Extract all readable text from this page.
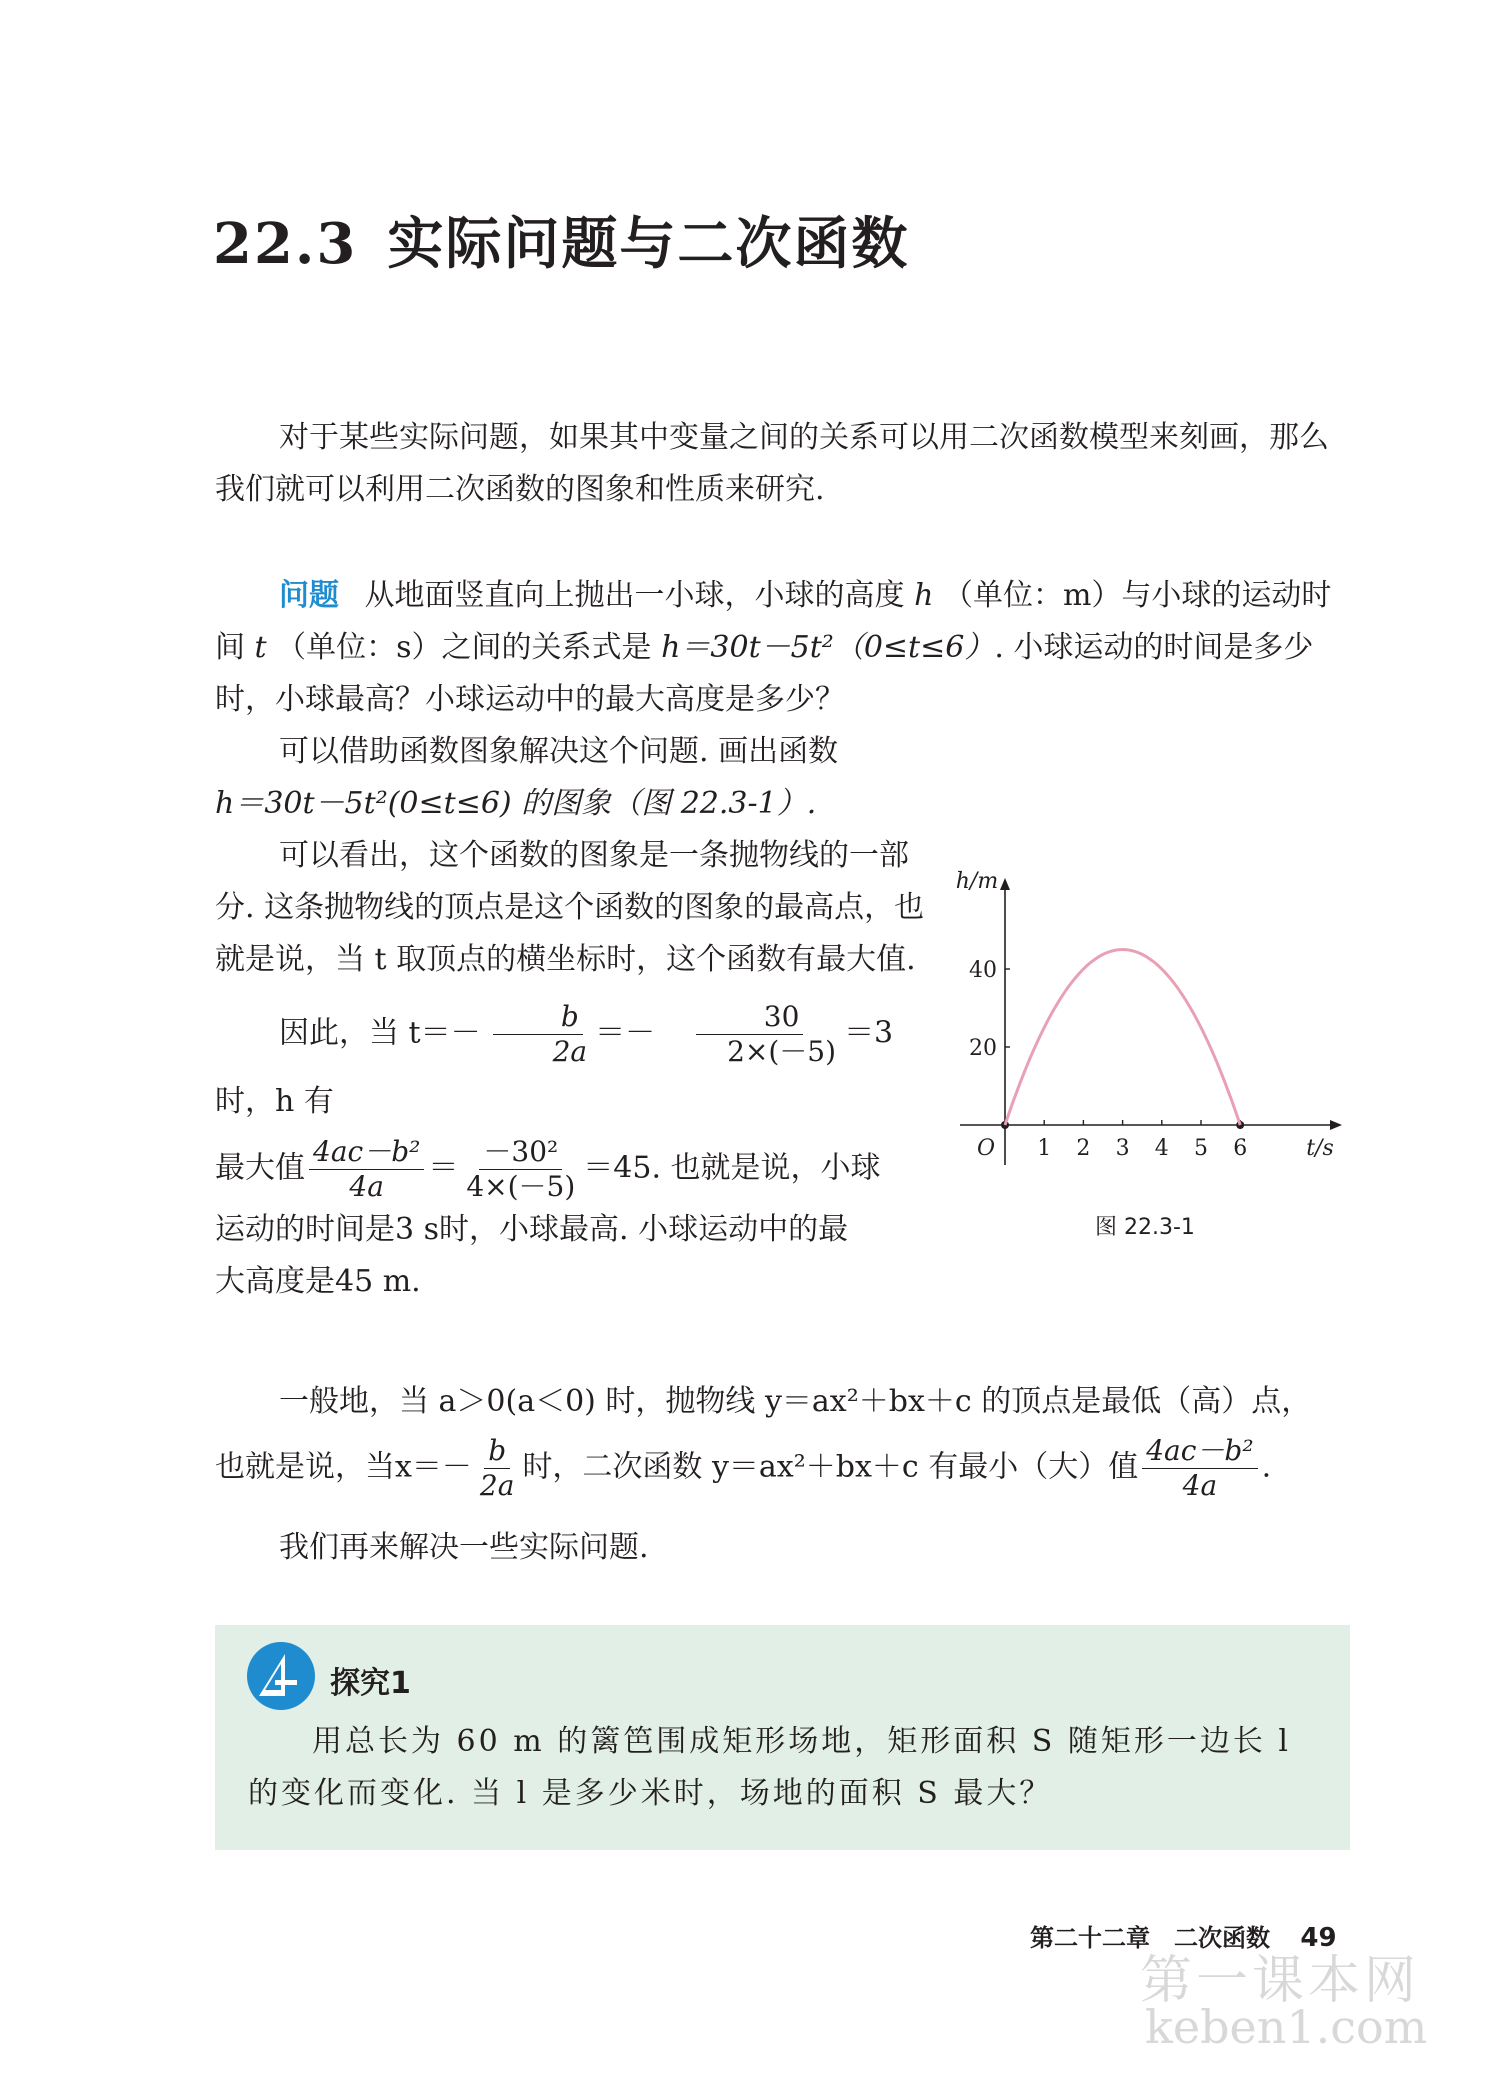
22.3 实际问题与二次函数
对于某些实际问题，如果其中变量之间的关系可以用二次函数模型来刻画，那么我们就可以利用二次函数的图象和性质来研究.
问题 从地面竖直向上抛出一小球，小球的高度 h （单位：m）与小球的运动时间 t （单位：s）之间的关系式是 h＝30t－5t²（0≤t≤6）. 小球运动的时间是多少时，小球最高？小球运动中的最大高度是多少？
可以借助函数图象解决这个问题. 画出函数
h＝30t－5t²(0≤t≤6) 的图象（图 22.3-1）.
可以看出，这个函数的图象是一条抛物线的一部分. 这条抛物线的顶点是这个函数的图象的最高点，也就是说，当 t 取顶点的横坐标时，这个函数有最大值.
因此，当 $t=- \frac{b}{2a} =- \frac{30}{2\times(-5)} =3$ 时，h 有
最大值 $\frac{\text{4ac－b²}}{4a} = \frac{\text{－30²}}{4\times(-5)} =45$. 也就是说，小球
运动的时间是3 s时，小球最高. 小球运动中的最
大高度是45 m.
1 2 3 4 5 6
20
40
O	t/s
h/m
图 22.3-1
一般地，当 a＞0(a＜0) 时，抛物线 y＝ax²＋bx＋c 的顶点是最低（高）点，
也就是说，当$x=- \frac{b}{2a}$ 时，二次函数 y＝ax²＋bx＋c 有最小（大）值 $\frac{\text{4ac－b²}}{4a}$ .
我们再来解决一些实际问题.
探究1
用总长为 60 m 的篱笆围成矩形场地，矩形面积 S 随矩形一边长 l 的变化而变化. 当 l 是多少米时，场地的面积 S 最大？
第二十二章　二次函数 49
第一课本网
keben1.com
